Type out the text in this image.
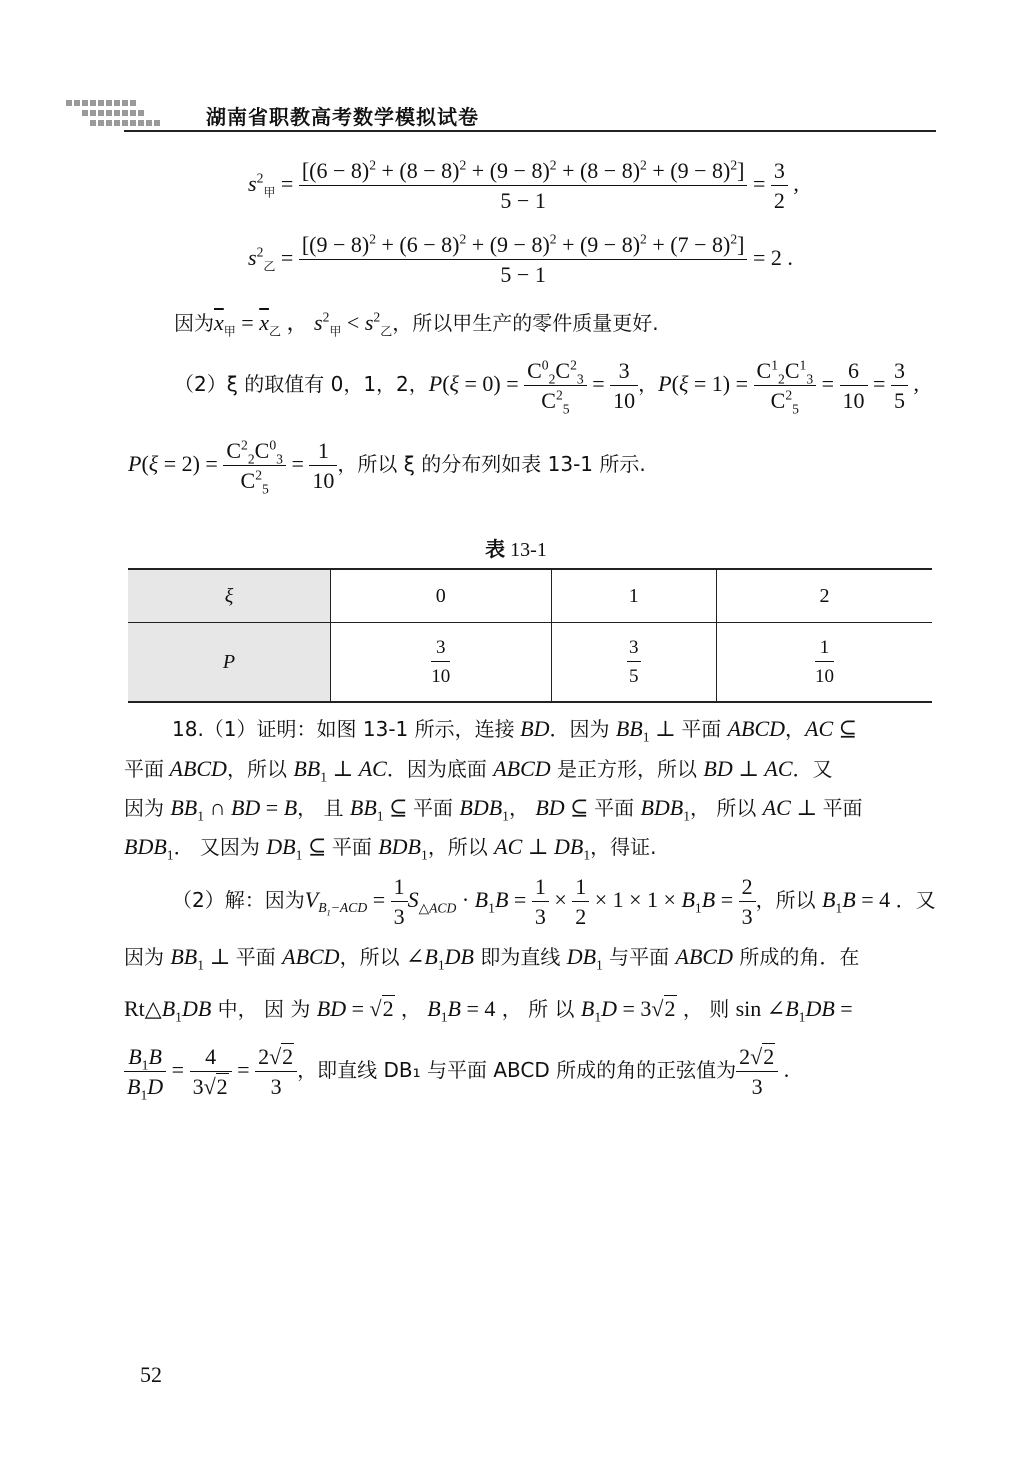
湖南省职教高考数学模拟试卷
$s^2_甲 = \frac{[(6 - 8)^2 + (8 - 8)^2 + (9 - 8)^2 + (8 - 8)^2 + (9 - 8)^2]}{5 - 1} = \frac{3}{2}$ ,
$s^2_乙 = \frac{[(9 - 8)^2 + (6 - 8)^2 + (9 - 8)^2 + (9 - 8)^2 + (7 - 8)^2]}{5 - 1} = 2$ .
因为$\overline{x}_甲 = \overline{x}_乙$ ， $s^2_甲 < s^2_乙$，所以甲生产的零件质量更好.
（2）ξ 的取值有 0，1，2，$P(\xi = 0) = \frac{C^0_2C^2_3}{C^2_5} = \frac{3}{10}$ ，$P(\xi = 1) = \frac{C^1_2C^1_3}{C^2_5} = \frac{6}{10} = \frac{3}{5}$ ,
$P(\xi = 2) = \frac{C^2_2C^0_3}{C^2_5} = \frac{1}{10}$ ，所以 ξ 的分布列如表 13-1 所示.
表 13-1
ξ	0	1	2
P	$\frac{3}{10}$	$\frac{3}{5}$	$\frac{1}{10}$
18.（1）证明：如图 13-1 所示，连接 BD．因为 $BB_1$ ⊥ 平面 ABCD，AC ⊆
平面 ABCD，所以 $BB_1$ ⊥ AC．因为底面 ABCD 是正方形，所以 BD ⊥ AC．又
因为 $BB_1$ ∩ BD = B， 且 $BB_1$ ⊆ 平面 $BDB_1$， BD ⊆ 平面 $BDB_1$， 所以 AC ⊥ 平面
$BDB_1$． 又因为 $DB_1$ ⊆ 平面 $BDB_1$，所以 AC ⊥ $DB_1$，得证.
（2）解：因为$V_{B_1-ACD} = \frac{1}{3} S_{\triangle ACD} \cdot B_1B = \frac{1}{3} \times \frac{1}{2} \times 1 \times 1 \times B_1B = \frac{2}{3}$ ，所以 $B_1B = 4$ ．又
因为 $BB_1$ ⊥ 平面 ABCD，所以 $\angle B_1DB$ 即为直线 $DB_1$ 与平面 ABCD 所成的角．在
$Rt\triangle B_1DB$ 中， 因 为 BD = √2 ， $B_1B = 4$ ， 所 以 $B_1D = 3√2$ ， 则 $\sin \angle B_1DB$ =
$\frac{B_1B}{B_1D} = \frac{4}{3√2} = \frac{2√2}{3}$ ，即直线 DB₁ 与平面 ABCD 所成的角的正弦值为 $\frac{2√2}{3}$ .
52
